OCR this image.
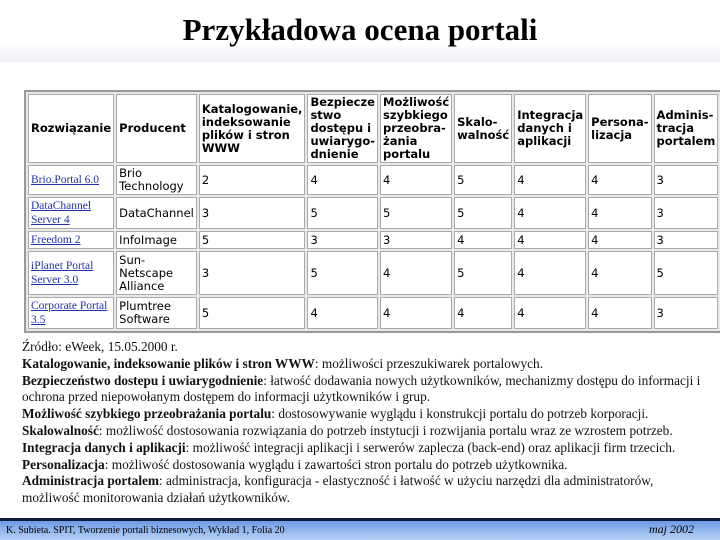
Przykładowa ocena portali
Rozwiązanie	Producent	Katalogowanie, indeksowanie plików i stron WWW	Bezpiecze stwo dostępu i uwiarygo-dnienie	Możliwość szybkiego przeobra-żania portalu	Skalo-walność	Integracja danych i aplikacji	Persona-lizacja	Adminis-tracja portalem
Brio.Portal 6.0	Brio Technology	2	4	4	5	4	4	3
DataChannel Server 4	DataChannel	3	5	5	5	4	4	3
Freedom 2	InfoImage	5	3	3	4	4	4	3
iPlanet Portal Server 3.0	Sun-Netscape Alliance	3	5	4	5	4	4	5
Corporate Portal 3.5	Plumtree Software	5	4	4	4	4	4	3
Źródło: eWeek, 15.05.2000 r.
Katalogowanie, indeksowanie plików i stron WWW: możliwości przeszukiwarek portalowych.
Bezpieczeństwo dostepu i uwiarygodnienie: łatwość dodawania nowych użytkowników, mechanizmy dostępu do informacji i ochrona przed niepowołanym dostępem do informacji użytkowników i grup.
Możliwość szybkiego przeobrażania portalu: dostosowywanie wyglądu i konstrukcji portalu do potrzeb korporacji.
Skalowalność: możliwość dostosowania rozwiązania do potrzeb instytucji i rozwijania portalu wraz ze wzrostem potrzeb.
Integracja danych i aplikacji: możliwość integracji aplikacji i serwerów zaplecza (back-end) oraz aplikacji firm trzecich.
Personalizacja: możliwość dostosowania wyglądu i zawartości stron portalu do potrzeb użytkownika.
Administracja portalem: administracja, konfiguracja - elastyczność i łatwość w użyciu narzędzi dla administratorów, możliwość monitorowania działań użytkowników.
K. Subieta. SPIT, Tworzenie portali biznesowych, Wykład 1, Folia 20	maj 2002
